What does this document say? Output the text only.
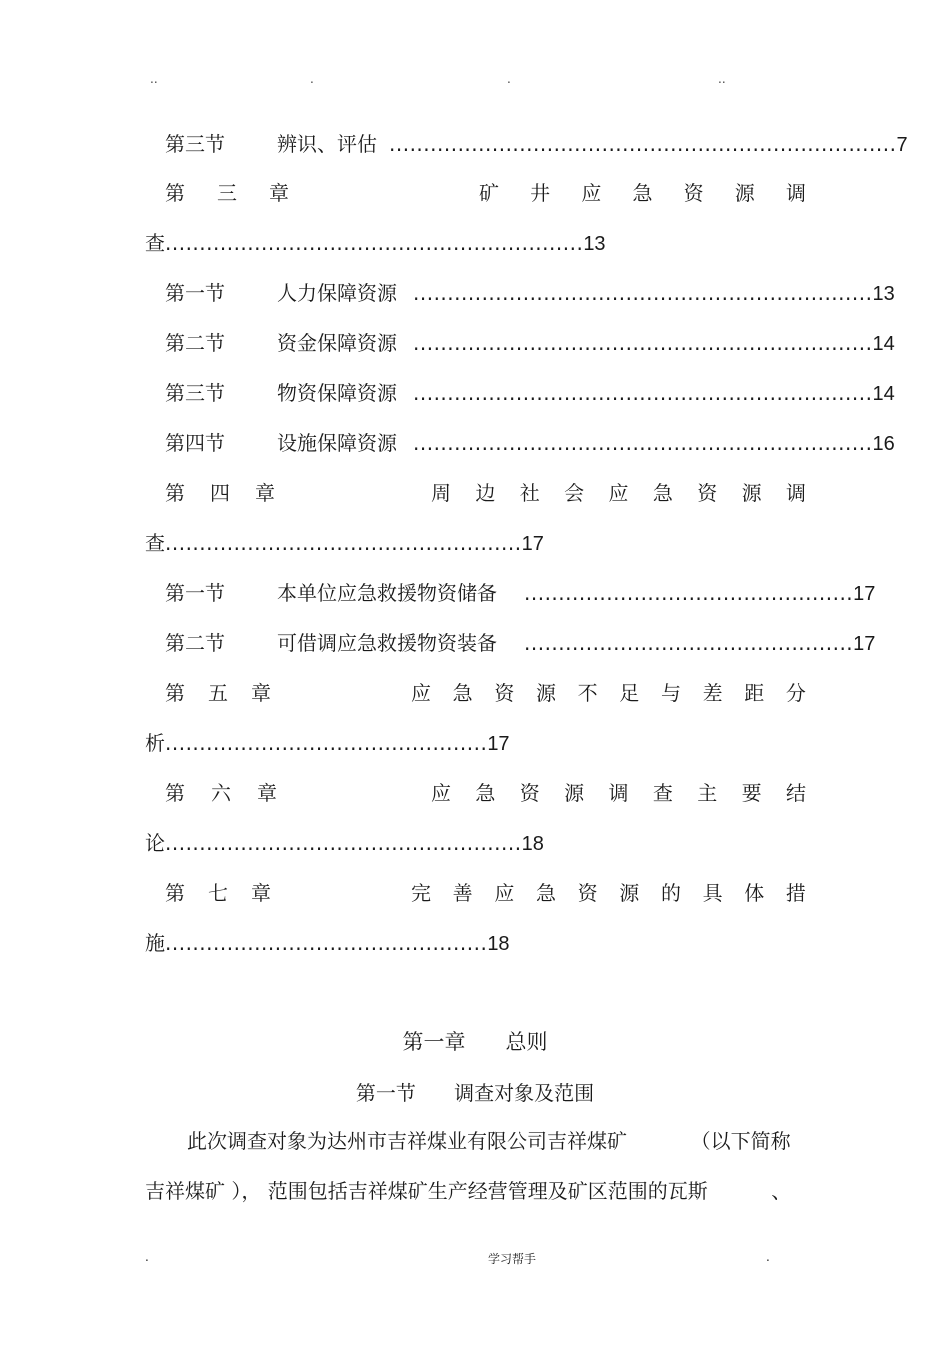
..	.	.	..
第三节	辨识、评估 .......................................................................... 7
第 三 章	矿 井 应 急 资 源 调
查 ............................................................. 13
第一节	人力保障资源 ................................................................... 13
第二节	资金保障资源 ................................................................... 14
第三节	物资保障资源 ................................................................... 14
第四节	设施保障资源 ................................................................... 16
第 四 章	周 边 社 会 应 急 资 源 调
查 .................................................... 17
第一节	本单位应急救援物资储备 ................................................ 17
第二节	可借调应急救援物资装备 ................................................ 17
第 五 章	应 急 资 源 不 足 与 差 距 分
析 ............................................... 17
第 六 章	应 急 资 源 调 查 主 要 结
论 .................................................... 18
第 七 章	完 善 应 急 资 源 的 具 体 措
施 ............................................... 18
第一章      总则
第一节      调查对象及范围
此次调查对象为达州市吉祥煤业有限公司吉祥煤矿          （以下简称
吉祥煤矿 ）， 范围包括吉祥煤矿生产经营管理及矿区范围的瓦斯          、
.	学习帮手	.
